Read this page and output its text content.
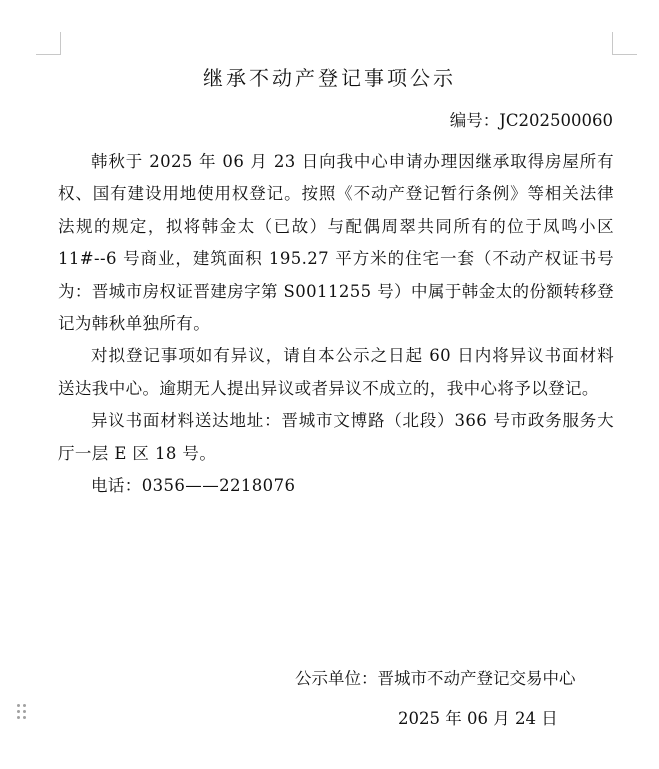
继承不动产登记事项公示
编号：JC202500060

韩秋于 2025 年 06 月 23 日向我中心申请办理因继承取得房屋所有权、国有建设用地使用权登记。按照《不动产登记暂行条例》等相关法律法规的规定，拟将韩金太（已故）与配偶周翠共同所有的位于凤鸣小区 11#--6 号商业，建筑面积 195.27 平方米的住宅一套（不动产权证书号为：晋城市房权证晋建房字第 S0011255 号）中属于韩金太的份额转移登记为韩秋单独所有。

对拟登记事项如有异议，请自本公示之日起 60 日内将异议书面材料送达我中心。逾期无人提出异议或者异议不成立的，我中心将予以登记。

异议书面材料送达地址：晋城市文博路（北段）366 号市政务服务大厅一层 E 区 18 号。

电话：0356——2218076

公示单位：晋城市不动产登记交易中心
2025 年 06 月 24 日
